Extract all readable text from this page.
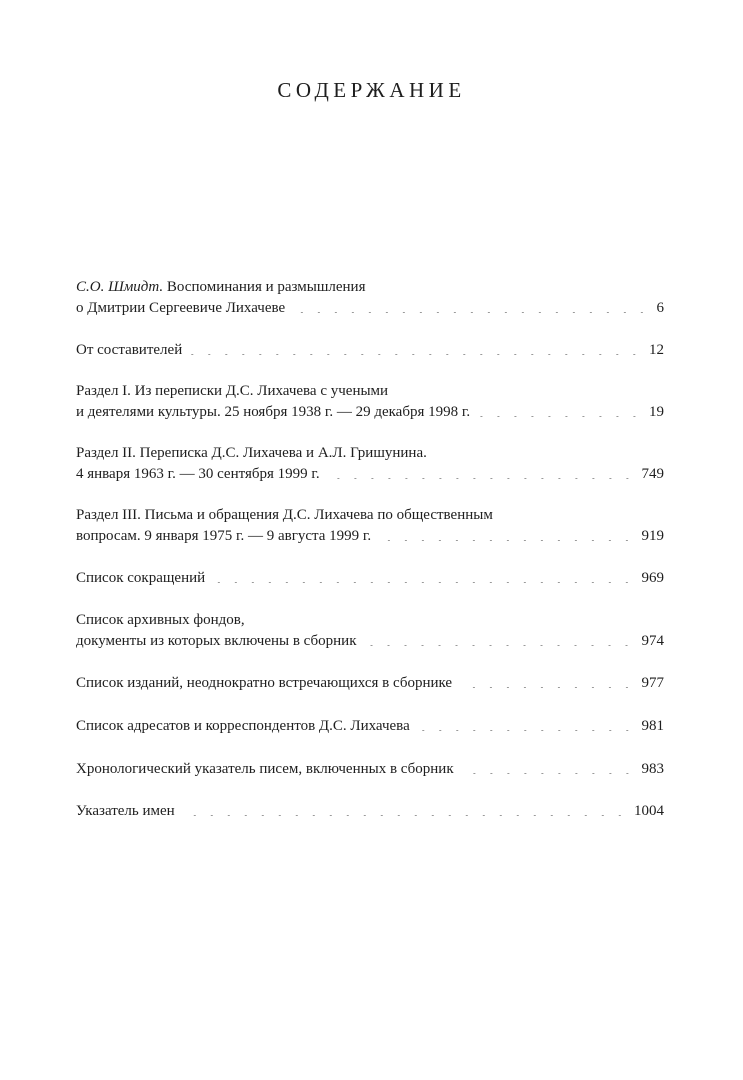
СОДЕРЖАНИЕ
С.О. Шмидт.
Воспоминания и размышления
о Дмитрии Сергеевиче Лихачеве	6
От составителей	12
Раздел I. Из переписки Д.С. Лихачева с учеными
и деятелями культуры. 25 ноября 1938 г. — 29 декабря 1998 г.	19
Раздел II. Переписка Д.С. Лихачева и А.Л. Гришунина.
4 января 1963 г. — 30 сентября 1999 г.	749
Раздел III. Письма и обращения Д.С. Лихачева по общественным
вопросам. 9 января 1975 г. — 9 августа 1999 г.	919
Список сокращений	969
Список архивных фондов,
документы из которых включены в сборник	974
Список изданий, неоднократно встречающихся в сборнике	977
Список адресатов и корреспондентов Д.С. Лихачева	981
Хронологический указатель писем, включенных в сборник	983
Указатель имен	1004
